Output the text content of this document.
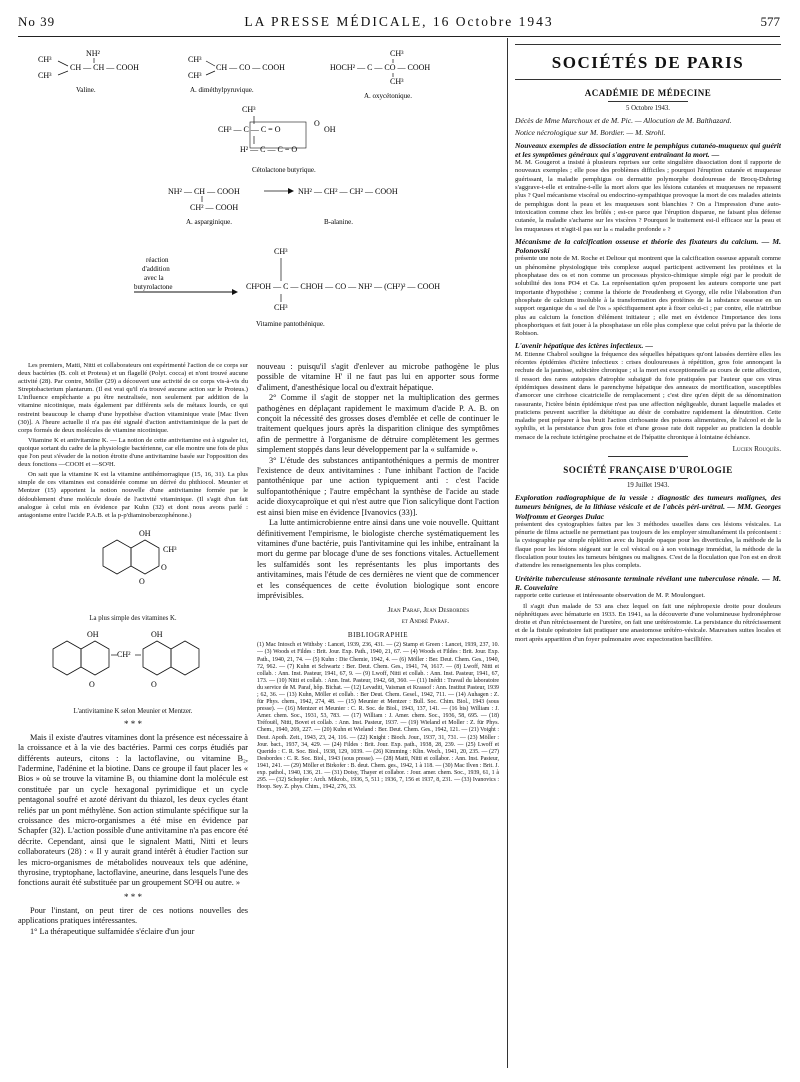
No 39	LA PRESSE MÉDICALE, 16 Octobre 1943	577
NH²
CH³
CH³
CH — CH — COOH
Valine.
CH³
CH³
CH — CO — COOH
A. diméthylpyruvique.
HOCH² — C — CO — COOH
CH³
CH³
A. oxycétonique.
CH³
CH³ — C — C = O
H² — C — C = O
O
OH
Cétolactone butyrique.
NH² — CH — COOH
CH² — COOH
A. asparginique.
NH² — CH² — CH² — COOH
B-alanine.
réaction
d'addition
avec la
butyrolactone
CH³
CH²OH — C — CHOH — CO — NH² — (CH²)² — COOH
CH³
Vitamine pantothénique.

Les premiers, Matti, Nitti et collaborateurs ont expérimenté l'action de ce corps sur deux bactéries (B. coli et Proteus) et un flagellé (Polyt. cocca) et n'ont trouvé aucune activité (28). Par contre, Möller (29) a découvert une activité de ce corps vis-à-vis du Streptobacterium plantarum. (Il est vrai qu'il n'a trouvé aucune action sur le Proteus.) L'influence empêchante a pu être neutralisée, non seulement par addition de la vitamine nicotinique, mais également par différents sels de métaux lourds, ce qui restreint beaucoup le champ d'une hypothèse d'action vitaminique vraie [Mac Ilven (30)]. A l'heure actuelle il n'a pas été signalé d'action antivitaminique de la part de corps formés de deux molécules de vitamine nicotinique.

Vitamine K et antivitamine K. — La notion de cette antivitamine est à signaler ici, quoique sortant du cadre de la physiologie bactérienne, car elle montre une fois de plus que l'on peut s'évader de la notion étroite d'une antivitamine basée sur l'opposition des deux fonctions —COOH et —SO²H.

On sait que la vitamine K est la vitamine antihémorragique (15, 16, 31). La plus simple de ces vitamines est considérée comme un dérivé du phthiocol. Meunier et Mentzer (15) apportent la notion nouvelle d'une antivitamine formée par le dédoublement d'une molécule douée de l'activité vitaminique. (Il s'agit d'un fait analogue à celui mis en évidence par Kuhn (32) et dont nous avons parlé : antagonisme entre l'acide P.A.B. et la p-p'diaminobenzophénone.)

OH
CH³
O
O
La plus simple des vitamines K.
OH
CH²
OH
O	O
L'antivitamine K selon Meunier et Mentzer.
* * *

Mais il existe d'autres vitamines dont la présence est nécessaire à la croissance et à la vie des bactéries. Parmi ces corps étudiés par différents auteurs, citons : la lactoflavine, ou vitamine B₂, l'adermine, l'adénine et la biotine. Dans ce groupe il faut placer les « Bios » où se trouve la vitamine B₁ ou thiamine dont la molécule est constituée par un cycle hexagonal pyrimidique et un cycle pentagonal soufré et azoté dérivant du thiazol, les deux cycles étant reliés par un pont méthylène. Son action stimulante spécifique sur la croissance des micro-organismes a été mise en évidence par Schapfer (32). L'action possible d'une antivitamine n'a pas encore été décrite. Cependant, ainsi que le signalent Matti, Nitti et leurs collaborateurs (28) : « Il y aurait grand intérêt à étudier l'action sur les micro-organismes de métabolides nouveaux tels que adénine, thyrosine, tryptophane, lactoflavine, aneurine, dans lesquels l'une des fonctions aurait été substituée par un groupement SO³H ou autre. »

* * *

Pour l'instant, on peut tirer de ces notions nouvelles des applications pratiques intéressantes.

1° La thérapeutique sulfamidée s'éclaire d'un jour

nouveau : puisqu'il s'agit d'enlever au microbe pathogène le plus possible de vitamine H' il ne faut pas lui en apporter sous forme d'aliment, d'anesthésique local ou d'extrait hépatique.

2° Comme il s'agit de stopper net la multiplication des germes pathogènes en déplaçant rapidement le maximum d'acide P. A. B. on conçoit la nécessité des grosses doses d'emblée et celle de continuer le traitement quelques jours après la disparition clinique des symptômes afin de permettre à l'organisme de détruire complètement les germes simplement stoppés dans leur développement par la « sulfamide ».

3° L'étude des substances antipantothéniques a permis de montrer l'existence de deux antivitamines : l'une inhibant l'action de l'acide pantothénique par une action typiquement anti : c'est l'acide sulfopantothénique ; l'autre empêchant la synthèse de l'acide au stade acide dioxycaproïque et qui n'est autre que l'ion salicylique dont l'action est ainsi bien mise en évidence [Ivanovics (33)].

La lutte antimicrobienne entre ainsi dans une voie nouvelle. Quittant définitivement l'empirisme, le biologiste cherche systématiquement les vitamines d'une bactérie, puis l'antivitamine qui les inhibe, entraînant la mort du germe par blocage d'une de ses fonctions vitales. Actuellement les sulfamidés sont les représentants les plus importants des antivitamines, mais l'étude de ces dernières ne vient que de commencer et les conséquences de cette évolution biologique sont encore imprévisibles.

Jean Paraf, Jean Desbordes
et André Paraf.
BIBLIOGRAPHIE

(1) Mac Intosch et Withsby : Lancet, 1939, 236, 431. — (2) Stamp et Green : Lancet, 1939, 237, 10. — (3) Woods et Fildes : Brit. Jour. Exp. Path., 1940, 21, 67. — (4) Woods et Fildes : Brit. Jour. Exp. Path., 1940, 21, 74. — (5) Kuhn : Die Chemie, 1942, 4. — (6) Möller : Ber. Deut. Chem. Ges., 1940, 72, 962. — (7) Kuhn et Schwartz : Ber. Deut. Chem. Ges., 1941, 74, 1617. — (8) Lwoff, Nitti et collab. : Ann. Inst. Pasteur, 1941, 67, 9. — (9) Lwoff, Nitti et collab. : Ann. Inst. Pasteur, 1941, 67, 173. — (10) Nitti et collab. : Ann. Inst. Pasteur, 1942, 68, 360. — (11) Inédit : Travail du laboratoire du service de M. Paraf, hôp. Bichat. — (12) Levaditi, Vaisman et Krassof : Ann. Institut Pasteur, 1939 ; 62, 36. — (13) Kuhn, Möller et collab. : Ber Deut. Chem. Gesel., 1942, 711. — (14) Auhagen : Z. für Phys. chem., 1942, 274, 48. — (15) Meunier et Mentzer : Bull. Soc. Chim. Biol., 1943 (sous presse). — (16) Mentzer et Meunier : C. R. Soc. de Biol., 1943, 137, 141. — (16 bis) William : J. Amer. chem. Soc., 1931, 53, 783. — (17) William : J. Amer. chem. Soc., 1936, 58, 695. — (18) Tréfouël, Nitti, Bovet et collab. : Ann. Inst. Pasteur, 1937. — (19) Wieland et Moller : Z. für Phys. Chem., 1940, 269, 227. — (20) Kuhn et Wieland : Ber. Deut. Chem. Ges., 1942, 121. — (21) Voight : Deut. Apoth. Zeit., 1943, 23, 24, 116. — (22) Knight : Bioch. Jour., 1937, 31, 731. — (23) Möller : Jour. bact., 1937, 34, 429. — (24) Fildes : Brit. Jour. Exp. path., 1938, 28, 239. — (25) Lwoff et Querido : C. R. Soc. Biol., 1938, 129, 1039. — (26) Kimming : Klin. Woch., 1941, 20, 235. — (27) Desbordes : C. R. Soc. Biol., 1943 (sous presse). — (28) Matti, Nitti et collabor. : Ann. Inst. Pasteur, 1941, 241. — (29) Möller et Birkofer : B. deut. Chem. ges., 1942, 1 à 118. — (30) Mac Ilven : Brit. J. exp. pathol., 1940, 136, 21. — (31) Doisy, Thayer et collabor. : Jour. amer. chem. Soc., 1939, 61, 1 à 295. — (32) Schopfer : Arch. Mikrob., 1936, 5, 511 ; 1936, 7, 156 et 1937, 8, 231. — (33) Ivanovics : Hoop. Sey. Z. phys. Chim., 1942, 276, 33.

SOCIÉTÉS DE PARIS
ACADÉMIE DE MÉDECINE
5 Octobre 1943.

Décès de Mme Marchoux et de M. Pic. — Allocution de M. Balthazard.

Notice nécrologique sur M. Bordier. — M. Strohl.

Nouveaux exemples de dissociation entre le pemphigus cutanéo-muqueux qui guérit et les symptômes généraux qui s'aggravent entraînant la mort. —

M. M. Gougerot a insisté à plusieurs reprises sur cette singulière dissociation dont il rapporte de nouveaux exemples ; elle pose des problèmes difficiles ; pourquoi l'éruption cutanée et muqueuse guérissant, la maladie pemphigus ou dermatite polymorphe douloureuse de Brocq-Duhring s'aggrave-t-elle et entraîne-t-elle la mort alors que les lésions cutanées et muqueuses ne repassent plus ? Quel mécanisme viscéral ou endocrino-sympathique provoque la mort de ces malades atteints de pemphigus dont la peau et les muqueuses sont blanchies ? On a l'impression d'une auto-intoxication comme chez les brûlés ; est-ce parce que l'éruption disparue, ne faisant plus défense cutanée, la maladie s'acharne sur les viscères ? Pourquoi le traitement est-il efficace sur la peau et les muqueuses et n'agit-il pas sur la « maladie profonde » ?

Mécanisme de la calcification osseuse et théorie des fixateurs du calcium. — M. Polonovski

présente une note de M. Roche et Deltour qui montrent que la calcification osseuse apparaît comme un phénomène physiologique très complexe auquel participent activement les protéines et la phosphatase des os et non comme un processus physico-chimique simple régi par le produit de solubilité des ions PO4 et Ca. La représentation qu'en proposent les auteurs comporte une part importante d'hypothèse ; comme la théorie de Freudenberg et Gyorgy, elle relie l'élaboration d'un phosphate de calcium insoluble à la transformation des protéines de la substance osseuse en un support organique du « sel de l'os » spécifiquement apte à fixer celui-ci ; par contre, elle n'attribue plus au calcium la fonction d'élément initiateur ; elle met en évidence l'importance des ions phosphoriques et fait jouer à la phosphatase un rôle plus complexe que celui prévu par la théorie de Robison.

L'avenir hépatique des ictères infectieux. —

M. Etienne Chabrol souligne la fréquence des séquelles hépatiques qu'ont laissées derrière elles les récentes épidémies d'ictère infectieux : crises douloureuses à répétition, gros foie annonçant la rechute de la jaunisse, subictère chronique ; si la mort est exceptionnelle au cours de cette affection, il ressort des rares autopsies d'atrophie subaiguë du foie pratiquées par l'auteur que ces virus épidémiques dessinent dans le parenchyme hépatique des anneaux de mortification, susceptibles d'amorcer une cirrhose cicatricielle de remplacement ; c'est dire qu'en dépit de sa dénomination rassurante, l'ictère bénin épidémique n'est pas une affection négligeable, durant laquelle malades et praticiens peuvent sacrifier la diététique au désir de combattre rapidement la dénutrition. Cette maladie peut préparer à bas bruit l'action cirrhosante des poisons alimentaires, de l'alcool et de la syphilis, et la persistance d'un gros foie et d'une grosse rate doit rappeler au praticien la double menace de la rechute ictérigène prochaine et de l'hépatite chronique à lointaine échéance.

Lucien Rouquès.
SOCIÉTÉ FRANÇAISE D'UROLOGIE
19 Juillet 1943.

Exploration radiographique de la vessie : diagnostic des tumeurs malignes, des tumeurs bénignes, de la lithiase vésicale et de l'abcès péri-urétral. — MM. Georges Wolfromm et Georges Dulac

présentent des cystographies faites par les 3 méthodes usuelles dans ces lésions vésicales. La pénurie de films actuelle ne permettant pas toujours de les employer simultanément ils préconisent : la cystographie par simple réplétion avec du liquide opaque pour les diverticules, la méthode de la flaque pour les lésions siégeant sur le col vésical ou à son voisinage immédiat, la méthode de la floculation pour toutes les tumeurs bénignes ou malignes. C'est de la floculation que l'on est en droit d'attendre les renseignements les plus complets.

Urétérite tuberculeuse sténosante terminale révélant une tuberculose rénale. — M. R. Couvelaire

rapporte cette curieuse et intéressante observation de M. P. Moulonguet.

Il s'agit d'un malade de 53 ans chez lequel on fait une néphropexie droite pour douleurs néphrétiques avec hématurie en 1933. En 1941, sa la découverte d'une volumineuse hydronéphrose droite et d'un rétrécissement de l'uretère, on fait une urétérostomie. La persistance du rétrécissement et de la fistule opératoire fait pratiquer une anastomose urétéro-vésicale. Mauvaises suites locales et mort après apparition d'un foyer pulmonaire avec expectoration bacillifère.
